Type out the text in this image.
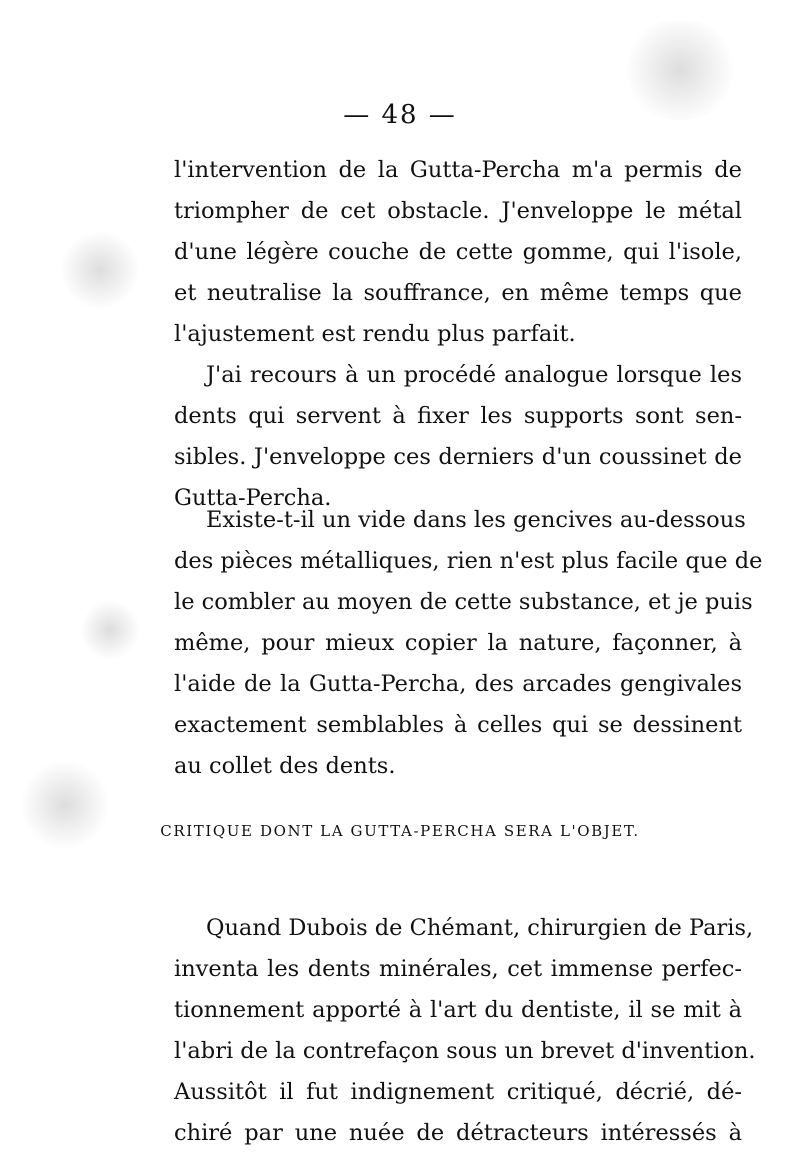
— 48 —
l'intervention de la Gutta-Percha m'a permis de
triompher de cet obstacle. J'enveloppe le métal
d'une légère couche de cette gomme, qui l'isole,
et neutralise la souffrance, en même temps que
l'ajustement est rendu plus parfait.
J'ai recours à un procédé analogue lorsque les
dents qui servent à fixer les supports sont sen-
sibles. J'enveloppe ces derniers d'un coussinet de
Gutta-Percha.
Existe-t-il un vide dans les gencives au-dessous
des pièces métalliques, rien n'est plus facile que de
le combler au moyen de cette substance, et je puis
même, pour mieux copier la nature, façonner, à
l'aide de la Gutta-Percha, des arcades gengivales
exactement semblables à celles qui se dessinent
au collet des dents.
CRITIQUE DONT LA GUTTA-PERCHA SERA L'OBJET.
Quand Dubois de Chémant, chirurgien de Paris,
inventa les dents minérales, cet immense perfec-
tionnement apporté à l'art du dentiste, il se mit à
l'abri de la contrefaçon sous un brevet d'invention.
Aussitôt il fut indignement critiqué, décrié, dé-
chiré par une nuée de détracteurs intéressés à
